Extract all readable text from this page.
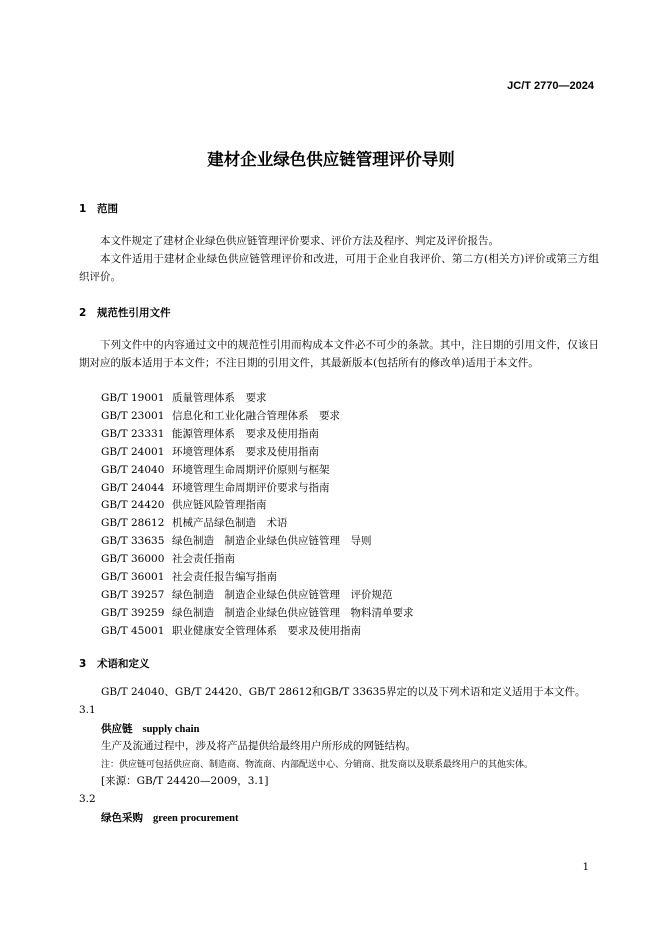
JC/T 2770—2024
建材企业绿色供应链管理评价导则
1 范围
本文件规定了建材企业绿色供应链管理评价要求、评价方法及程序、判定及评价报告。
本文件适用于建材企业绿色供应链管理评价和改进，可用于企业自我评价、第二方(相关方)评价或第三方组织评价。
2 规范性引用文件
下列文件中的内容通过文中的规范性引用而构成本文件必不可少的条款。其中，注日期的引用文件，仅该日期对应的版本适用于本文件；不注日期的引用文件，其最新版本(包括所有的修改单)适用于本文件。
GB/T 19001 质量管理体系　要求
GB/T 23001 信息化和工业化融合管理体系　要求
GB/T 23331 能源管理体系　要求及使用指南
GB/T 24001 环境管理体系　要求及使用指南
GB/T 24040 环境管理生命周期评价原则与框架
GB/T 24044 环境管理生命周期评价要求与指南
GB/T 24420 供应链风险管理指南
GB/T 28612 机械产品绿色制造　术语
GB/T 33635 绿色制造　制造企业绿色供应链管理　导则
GB/T 36000 社会责任指南
GB/T 36001 社会责任报告编写指南
GB/T 39257 绿色制造　制造企业绿色供应链管理　评价规范
GB/T 39259 绿色制造　制造企业绿色供应链管理　物料清单要求
GB/T 45001 职业健康安全管理体系　要求及使用指南
3 术语和定义
GB/T 24040、GB/T 24420、GB/T 28612和GB/T 33635界定的以及下列术语和定义适用于本文件。
3.1
供应链 supply chain
生产及流通过程中，涉及将产品提供给最终用户所形成的网链结构。
注：供应链可包括供应商、制造商、物流商、内部配送中心、分销商、批发商以及联系最终用户的其他实体。
[来源：GB/T 24420—2009，3.1]
3.2
绿色采购 green procurement
1
